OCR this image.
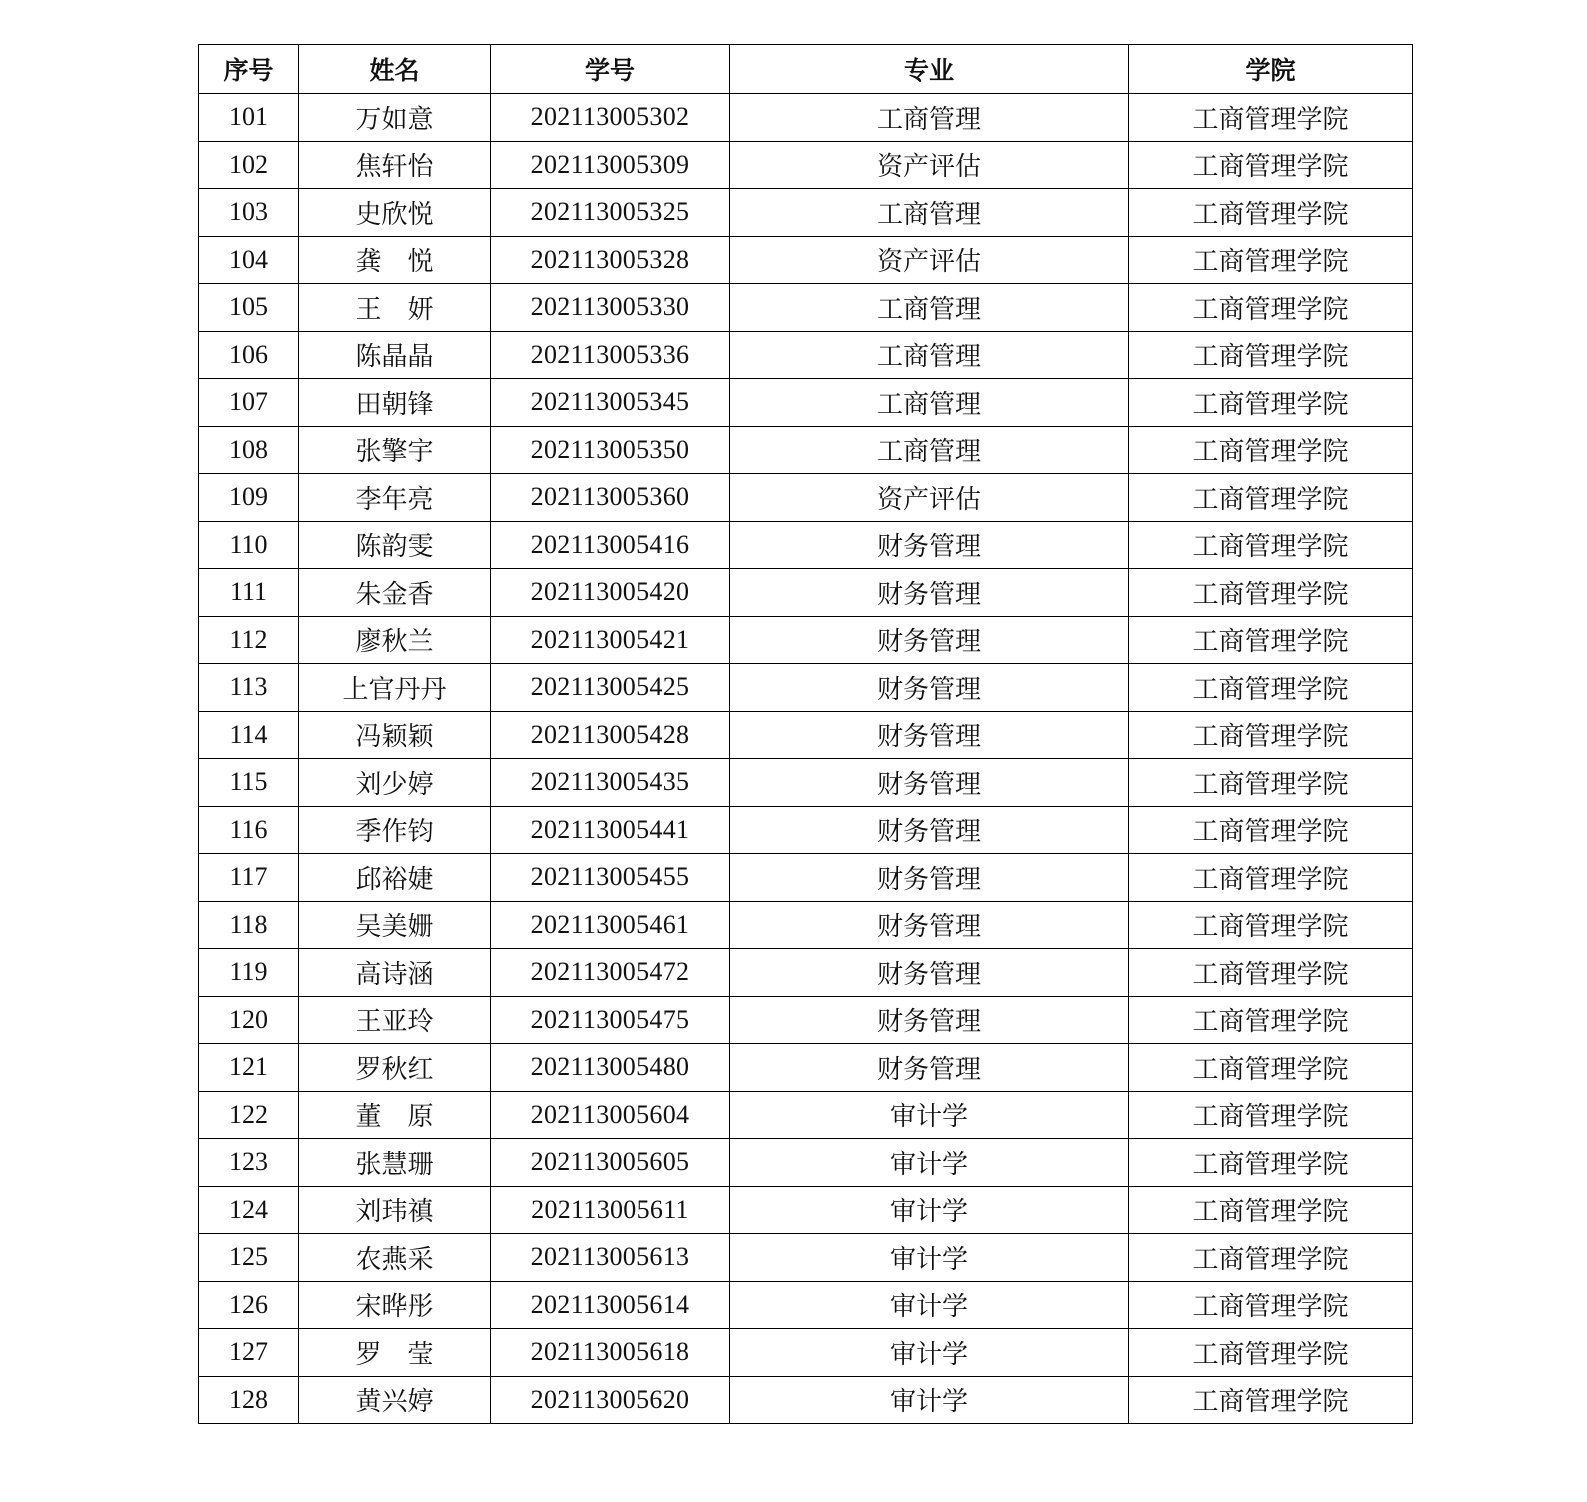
序号	姓名	学号	专业	学院
101	万如意	202113005302	工商管理	工商管理学院
102	焦轩怡	202113005309	资产评估	工商管理学院
103	史欣悦	202113005325	工商管理	工商管理学院
104	龚　悦	202113005328	资产评估	工商管理学院
105	王　妍	202113005330	工商管理	工商管理学院
106	陈晶晶	202113005336	工商管理	工商管理学院
107	田朝锋	202113005345	工商管理	工商管理学院
108	张擎宇	202113005350	工商管理	工商管理学院
109	李年亮	202113005360	资产评估	工商管理学院
110	陈韵雯	202113005416	财务管理	工商管理学院
111	朱金香	202113005420	财务管理	工商管理学院
112	廖秋兰	202113005421	财务管理	工商管理学院
113	上官丹丹	202113005425	财务管理	工商管理学院
114	冯颖颖	202113005428	财务管理	工商管理学院
115	刘少婷	202113005435	财务管理	工商管理学院
116	季作钧	202113005441	财务管理	工商管理学院
117	邱裕婕	202113005455	财务管理	工商管理学院
118	吴美姗	202113005461	财务管理	工商管理学院
119	高诗涵	202113005472	财务管理	工商管理学院
120	王亚玲	202113005475	财务管理	工商管理学院
121	罗秋红	202113005480	财务管理	工商管理学院
122	董　原	202113005604	审计学	工商管理学院
123	张慧珊	202113005605	审计学	工商管理学院
124	刘玮禛	202113005611	审计学	工商管理学院
125	农燕采	202113005613	审计学	工商管理学院
126	宋晔彤	202113005614	审计学	工商管理学院
127	罗　莹	202113005618	审计学	工商管理学院
128	黄兴婷	202113005620	审计学	工商管理学院
